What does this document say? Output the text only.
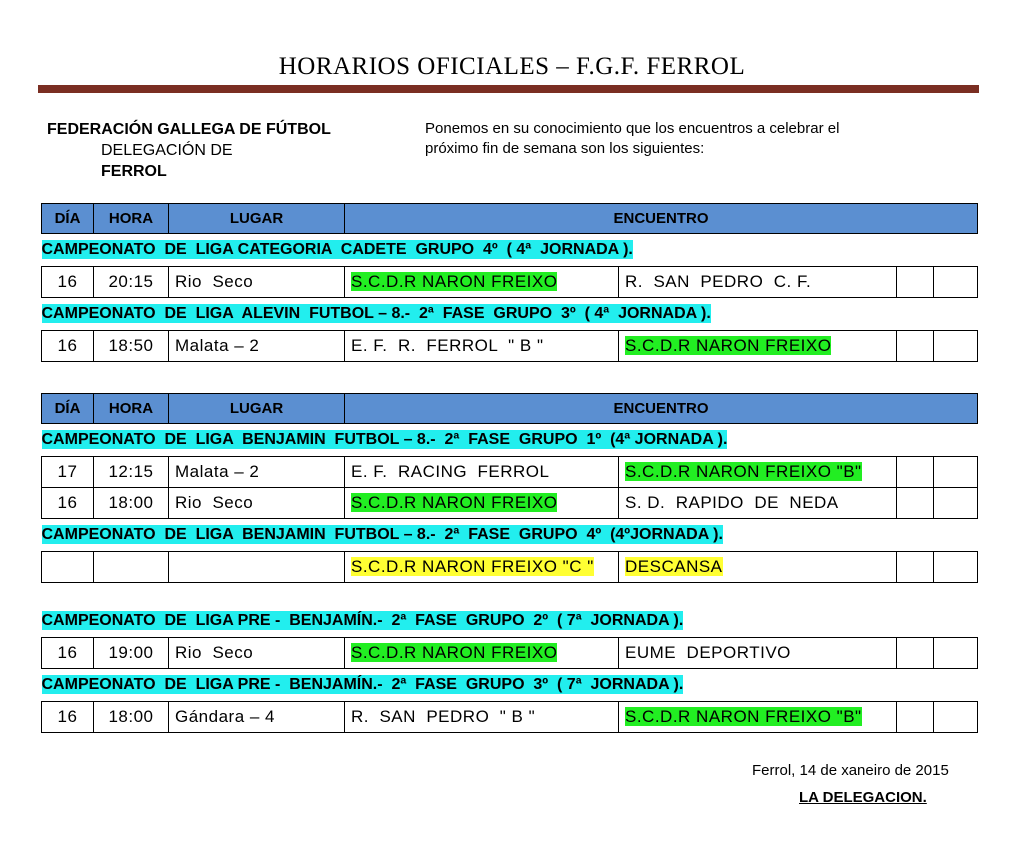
HORARIOS OFICIALES – F.G.F. FERROL
FEDERACIÓN GALLEGA DE FÚTBOL
DELEGACIÓN DE
FERROL
Ponemos en su conocimiento que los encuentros a celebrar el
próximo fin de semana son los siguientes:
DÍA	HORA	LUGAR	ENCUENTRO			
CAMPEONATO  DE  LIGA CATEGORIA  CADETE  GRUPO  4º  ( 4ª  JORNADA ).						
16	20:15	Rio  Seco	S.C.D.R NARON FREIXO	R.  SAN  PEDRO  C. F.		
CAMPEONATO  DE  LIGA  ALEVIN  FUTBOL – 8.-  2ª  FASE  GRUPO  3º  ( 4ª  JORNADA ).						
16	18:50	Malata – 2	E. F.  R.  FERROL  " B "	S.C.D.R NARON FREIXO		
DÍA	HORA	LUGAR	ENCUENTRO			
CAMPEONATO  DE  LIGA  BENJAMIN  FUTBOL – 8.-  2ª  FASE  GRUPO  1º  (4ª JORNADA ).						
17	12:15	Malata – 2	E. F.  RACING  FERROL	S.C.D.R NARON FREIXO "B"		
16	18:00	Rio  Seco	S.C.D.R NARON FREIXO	S. D.  RAPIDO  DE  NEDA		
CAMPEONATO  DE  LIGA  BENJAMIN  FUTBOL – 8.-  2ª  FASE  GRUPO  4º  (4ºJORNADA ).						
			S.C.D.R NARON FREIXO "C "	DESCANSA		
CAMPEONATO  DE  LIGA PRE -  BENJAMÍN.-  2ª  FASE  GRUPO  2º  ( 7ª  JORNADA ).						
16	19:00	Rio  Seco	S.C.D.R NARON FREIXO	EUME  DEPORTIVO		
CAMPEONATO  DE  LIGA PRE -  BENJAMÍN.-  2ª  FASE  GRUPO  3º  ( 7ª  JORNADA ).						
16	18:00	Gándara – 4	R.  SAN  PEDRO  " B "	S.C.D.R NARON FREIXO "B"		
Ferrol, 14 de xaneiro de 2015
LA DELEGACION.
